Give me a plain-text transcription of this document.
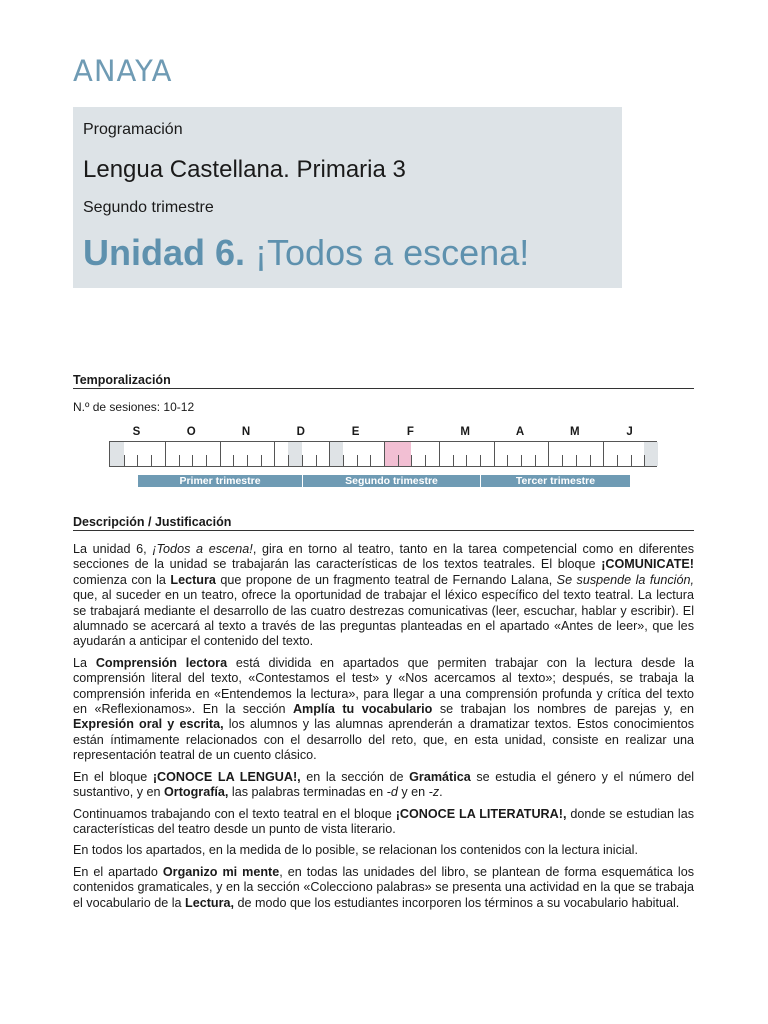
ANAYA
Programación
Lengua Castellana. Primaria 3
Segundo trimestre
Unidad 6. ¡Todos a escena!
Temporalización
N.º de sesiones: 10-12
S	O	N	D	E	F	M	A	M	J
Primer trimestre	Segundo trimestre	Tercer trimestre
Descripción / Justificación

La unidad 6, ¡Todos a escena!, gira en torno al teatro, tanto en la tarea competencial como en diferentes secciones de la unidad se trabajarán las características de los textos teatrales. El bloque ¡COMUNICATE! comienza con la Lectura que propone de un fragmento teatral de Fernando Lalana, Se suspende la función, que, al suceder en un teatro, ofrece la oportunidad de trabajar el léxico específico del texto teatral. La lectura se trabajará mediante el desarrollo de las cuatro destrezas comunicativas (leer, escuchar, hablar y escribir). El alumnado se acercará al texto a través de las preguntas planteadas en el apartado «Antes de leer», que les ayudarán a anticipar el contenido del texto.

La Comprensión lectora está dividida en apartados que permiten trabajar con la lectura desde la comprensión literal del texto, «Contestamos el test» y «Nos acercamos al texto»; después, se trabaja la comprensión inferida en «Entendemos la lectura», para llegar a una comprensión profunda y crítica del texto en «Reflexionamos». En la sección Amplía tu vocabulario se trabajan los nombres de parejas y, en Expresión oral y escrita, los alumnos y las alumnas aprenderán a dramatizar textos. Estos conocimientos están íntimamente relacionados con el desarrollo del reto, que, en esta unidad, consiste en realizar una representación teatral de un cuento clásico.

En el bloque ¡CONOCE LA LENGUA!, en la sección de Gramática se estudia el género y el número del sustantivo, y en Ortografía, las palabras terminadas en -d y en -z.

Continuamos trabajando con el texto teatral en el bloque ¡CONOCE LA LITERATURA!, donde se estudian las características del teatro desde un punto de vista literario.

En todos los apartados, en la medida de lo posible, se relacionan los contenidos con la lectura inicial.

En el apartado Organizo mi mente, en todas las unidades del libro, se plantean de forma esquemática los contenidos gramaticales, y en la sección «Colecciono palabras» se presenta una actividad en la que se trabaja el vocabulario de la Lectura, de modo que los estudiantes incorporen los términos a su vocabulario habitual.
